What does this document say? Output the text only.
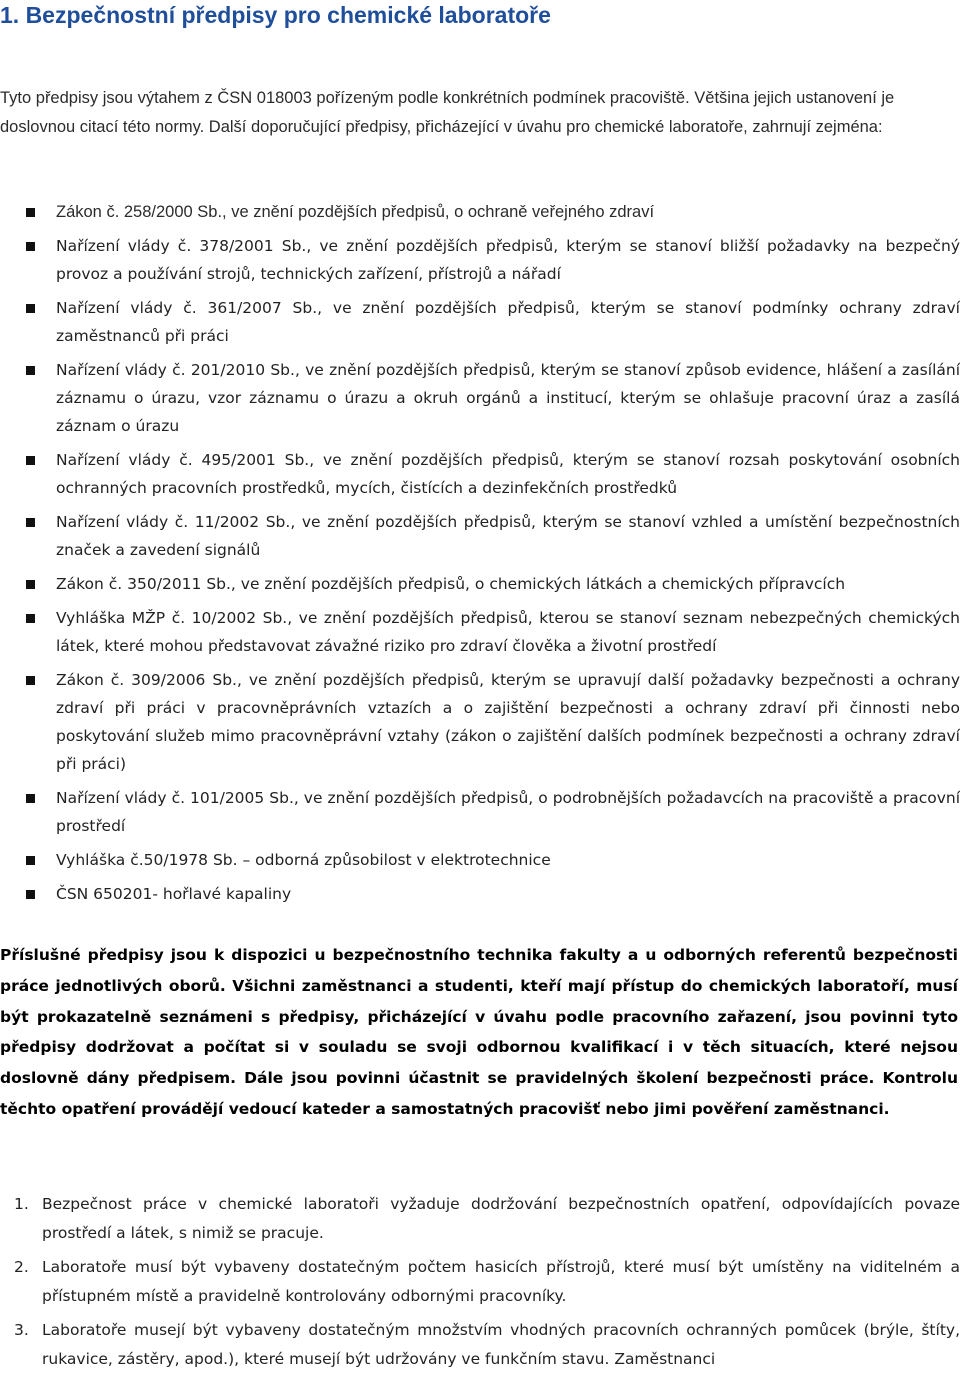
1. Bezpečnostní předpisy pro chemické laboratoře

Tyto předpisy jsou výtahem z ČSN 018003 pořízeným podle konkrétních podmínek pracoviště. Většina jejich ustanovení je doslovnou citací této normy. Další doporučující předpisy, přicházející v úvahu pro chemické laboratoře, zahrnují zejména:

Zákon č. 258/2000 Sb., ve znění pozdějších předpisů, o ochraně veřejného zdraví
Nařízení vlády č. 378/2001 Sb., ve znění pozdějších předpisů, kterým se stanoví bližší požadavky na bezpečný provoz a používání strojů, technických zařízení, přístrojů a nářadí
Nařízení vlády č. 361/2007 Sb., ve znění pozdějších předpisů, kterým se stanoví podmínky ochrany zdraví zaměstnanců při práci
Nařízení vlády č. 201/2010 Sb., ve znění pozdějších předpisů, kterým se stanoví způsob evidence, hlášení a zasílání záznamu o úrazu, vzor záznamu o úrazu a okruh orgánů a institucí, kterým se ohlašuje pracovní úraz a zasílá záznam o úrazu
Nařízení vlády č. 495/2001 Sb., ve znění pozdějších předpisů, kterým se stanoví rozsah poskytování osobních ochranných pracovních prostředků, mycích, čistících a dezinfekčních prostředků
Nařízení vlády č. 11/2002 Sb., ve znění pozdějších předpisů, kterým se stanoví vzhled a umístění bezpečnostních značek a zavedení signálů
Zákon č. 350/2011 Sb., ve znění pozdějších předpisů, o chemických látkách a chemických přípravcích
Vyhláška MŽP č. 10/2002 Sb., ve znění pozdějších předpisů, kterou se stanoví seznam nebezpečných chemických látek, které mohou představovat závažné riziko pro zdraví člověka a životní prostředí
Zákon č. 309/2006 Sb., ve znění pozdějších předpisů, kterým se upravují další požadavky bezpečnosti a ochrany zdraví při práci v pracovněprávních vztazích a o zajištění bezpečnosti a ochrany zdraví při činnosti nebo poskytování služeb mimo pracovněprávní vztahy (zákon o zajištění dalších podmínek bezpečnosti a ochrany zdraví při práci)
Nařízení vlády č. 101/2005 Sb., ve znění pozdějších předpisů, o podrobnějších požadavcích na pracoviště a pracovní prostředí
Vyhláška č.50/1978 Sb. – odborná způsobilost v elektrotechnice
ČSN 650201- hořlavé kapaliny

Příslušné předpisy jsou k dispozici u bezpečnostního technika fakulty a u odborných referentů bezpečnosti práce jednotlivých oborů. Všichni zaměstnanci a studenti, kteří mají přístup do chemických laboratoří, musí být prokazatelně seznámeni s předpisy, přicházející v úvahu podle pracovního zařazení, jsou povinni tyto předpisy dodržovat a počítat si v souladu se svoji odbornou kvalifikací i v těch situacích, které nejsou doslovně dány předpisem. Dále jsou povinni účastnit se pravidelných školení bezpečnosti práce. Kontrolu těchto opatření provádějí vedoucí kateder a samostatných pracovišť nebo jimi pověření zaměstnanci.

1. Bezpečnost práce v chemické laboratoři vyžaduje dodržování bezpečnostních opatření, odpovídajících povaze prostředí a látek, s nimiž se pracuje.
2. Laboratoře musí být vybaveny dostatečným počtem hasicích přístrojů, které musí být umístěny na viditelném a přístupném místě a pravidelně kontrolovány odbornými pracovníky.
3. Laboratoře musejí být vybaveny dostatečným množstvím vhodných pracovních ochranných pomůcek (brýle, štíty, rukavice, zástěry, apod.), které musejí být udržovány ve funkčním stavu. Zaměstnanci
